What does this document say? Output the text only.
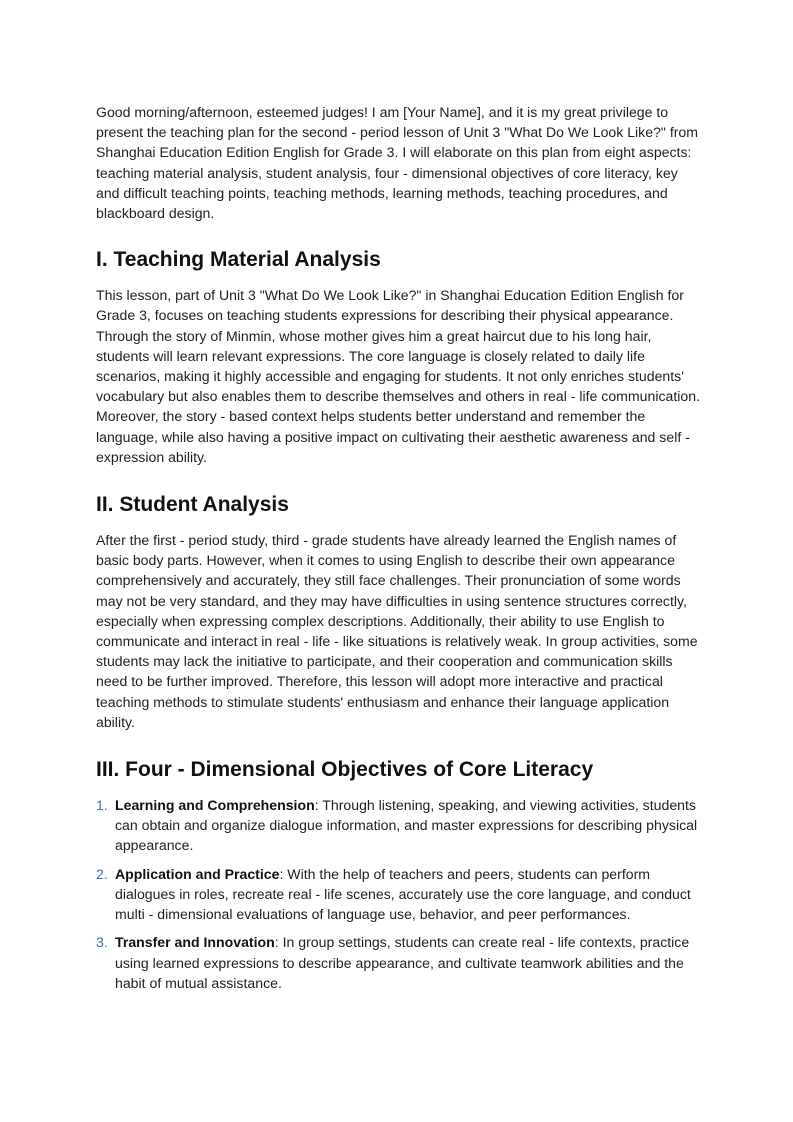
Good morning/afternoon, esteemed judges! I am [Your Name], and it is my great privilege to present the teaching plan for the second - period lesson of Unit 3 "What Do We Look Like?" from Shanghai Education Edition English for Grade 3. I will elaborate on this plan from eight aspects: teaching material analysis, student analysis, four - dimensional objectives of core literacy, key and difficult teaching points, teaching methods, learning methods, teaching procedures, and blackboard design.

I. Teaching Material Analysis

This lesson, part of Unit 3 "What Do We Look Like?" in Shanghai Education Edition English for Grade 3, focuses on teaching students expressions for describing their physical appearance. Through the story of Minmin, whose mother gives him a great haircut due to his long hair, students will learn relevant expressions. The core language is closely related to daily life scenarios, making it highly accessible and engaging for students. It not only enriches students' vocabulary but also enables them to describe themselves and others in real - life communication. Moreover, the story - based context helps students better understand and remember the language, while also having a positive impact on cultivating their aesthetic awareness and self - expression ability.

II. Student Analysis

After the first - period study, third - grade students have already learned the English names of basic body parts. However, when it comes to using English to describe their own appearance comprehensively and accurately, they still face challenges. Their pronunciation of some words may not be very standard, and they may have difficulties in using sentence structures correctly, especially when expressing complex descriptions. Additionally, their ability to use English to communicate and interact in real - life - like situations is relatively weak. In group activities, some students may lack the initiative to participate, and their cooperation and communication skills need to be further improved. Therefore, this lesson will adopt more interactive and practical teaching methods to stimulate students' enthusiasm and enhance their language application ability.

III. Four - Dimensional Objectives of Core Literacy
1. Learning and Comprehension: Through listening, speaking, and viewing activities, students can obtain and organize dialogue information, and master expressions for describing physical appearance.
2. Application and Practice: With the help of teachers and peers, students can perform dialogues in roles, recreate real - life scenes, accurately use the core language, and conduct multi - dimensional evaluations of language use, behavior, and peer performances.
3. Transfer and Innovation: In group settings, students can create real - life contexts, practice using learned expressions to describe appearance, and cultivate teamwork abilities and the habit of mutual assistance.
